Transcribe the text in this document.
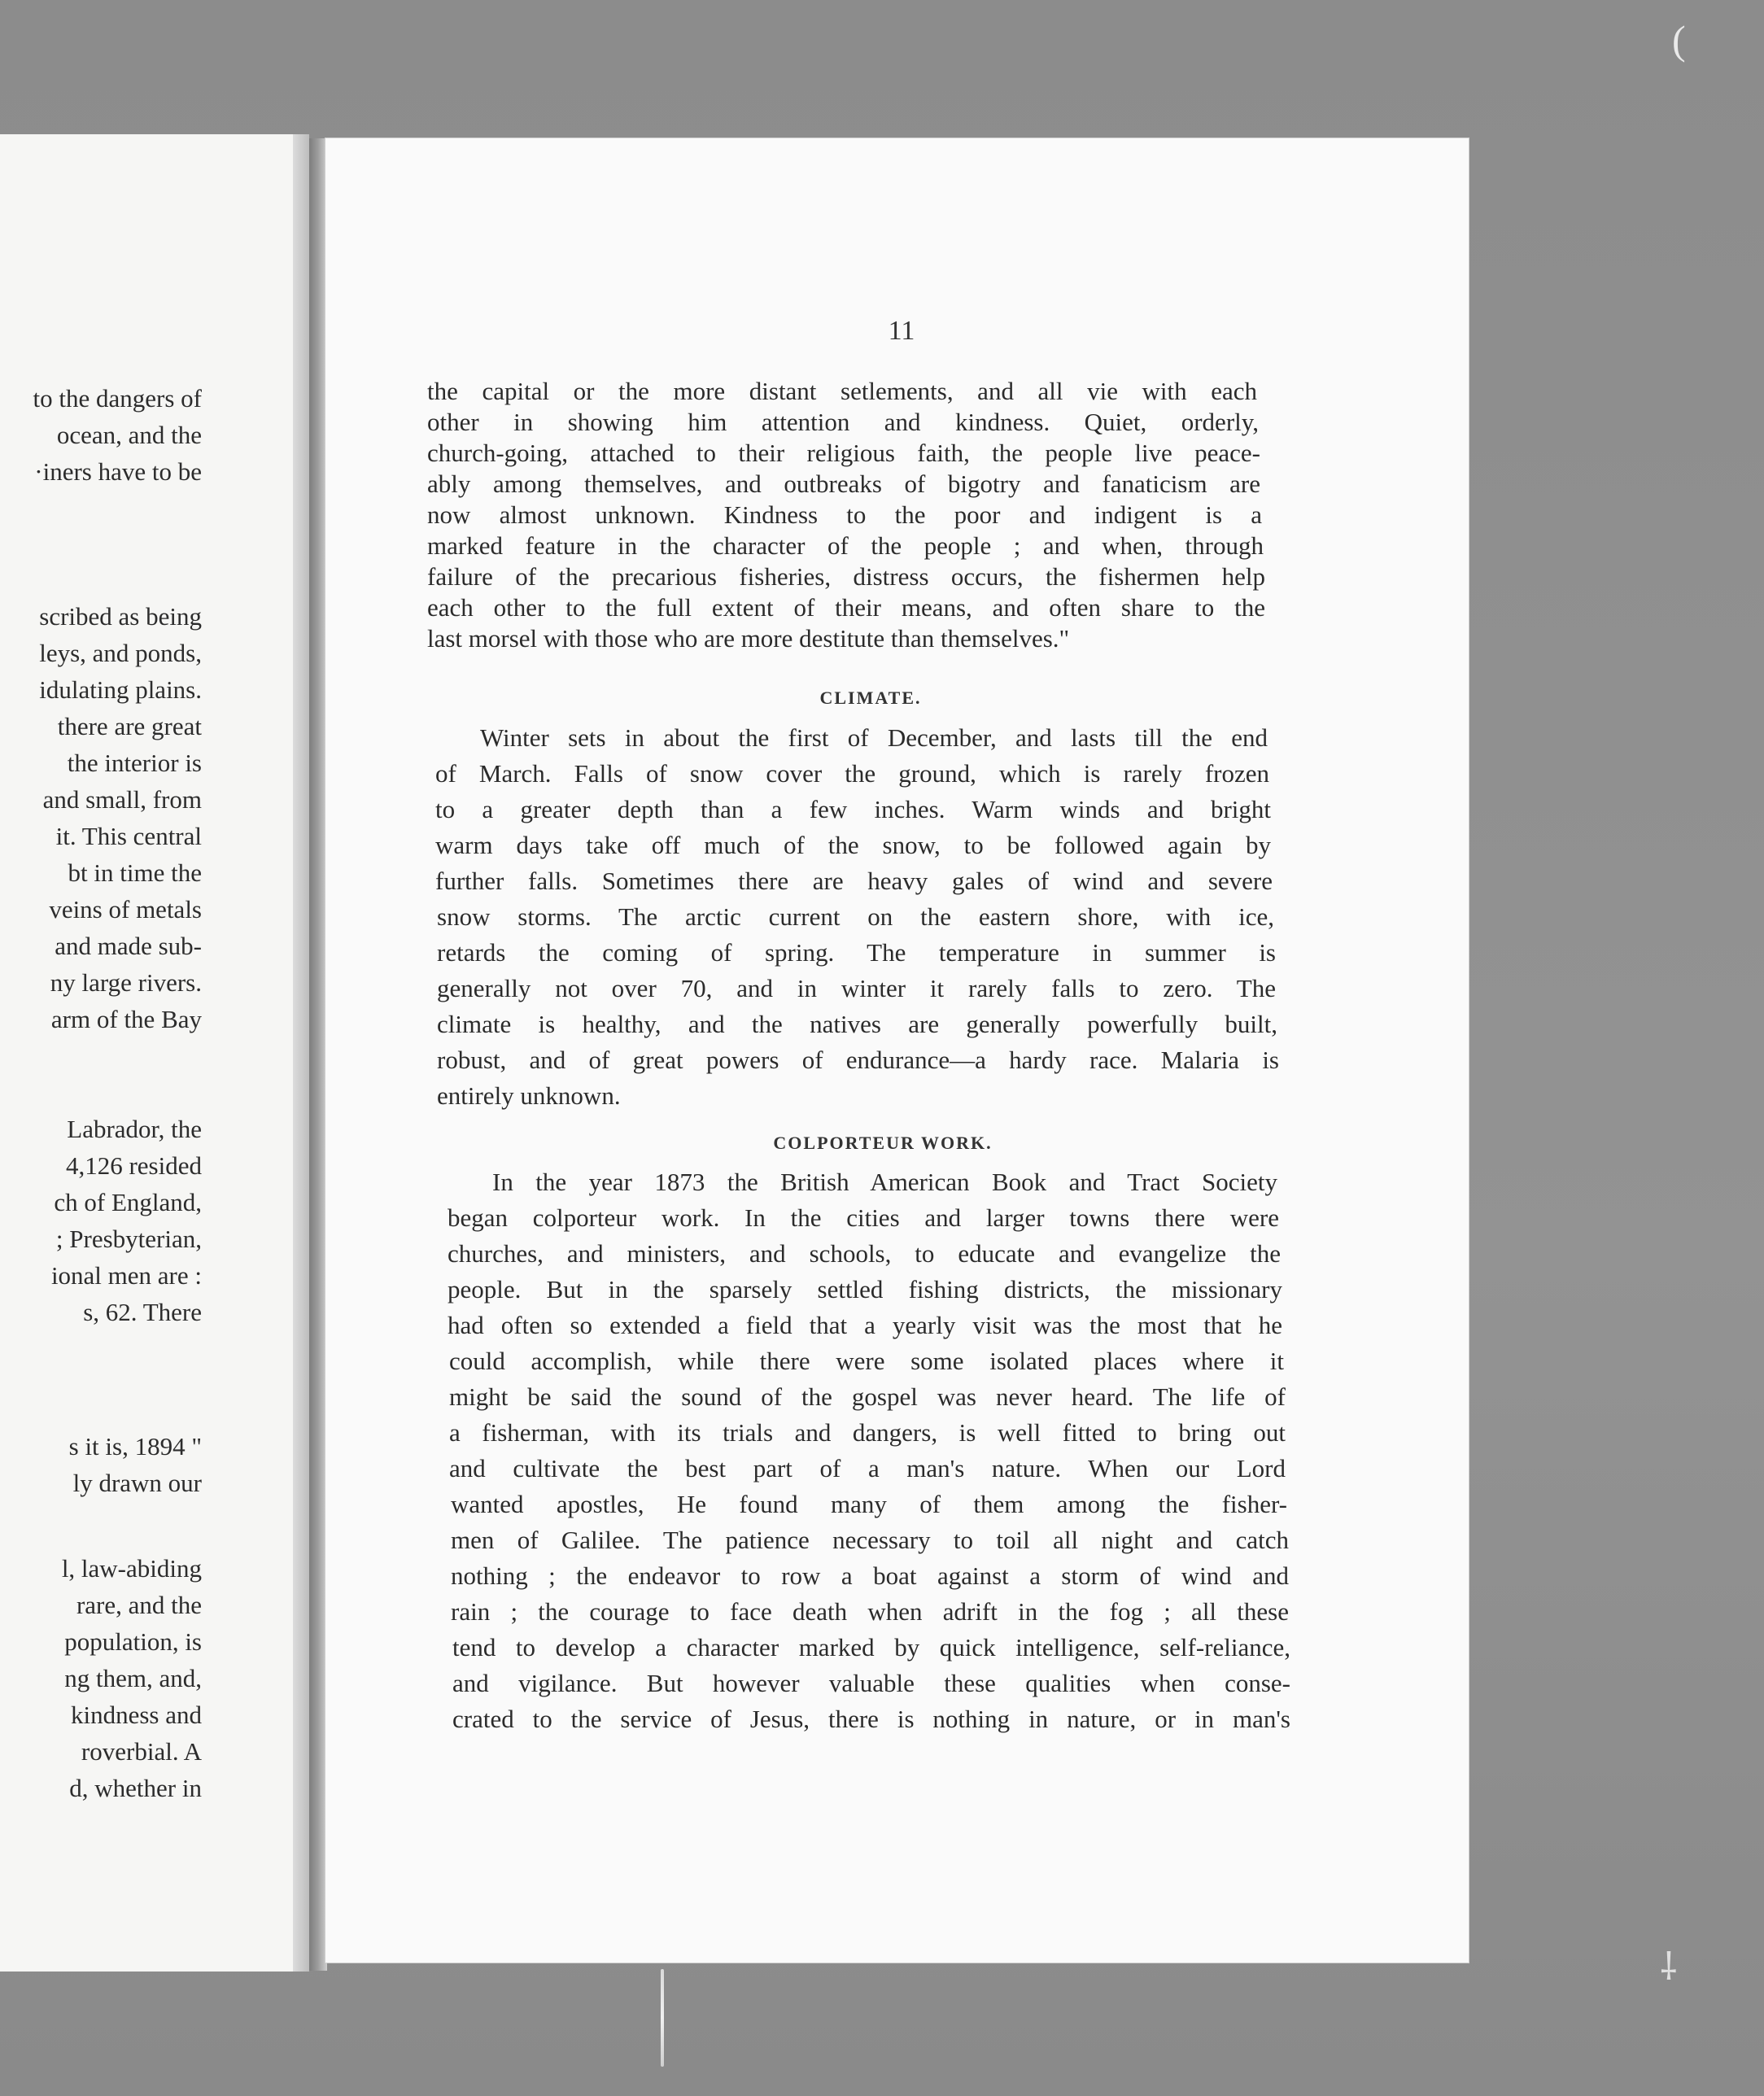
(
⸸
to the dangers of
ocean, and the
·iners have to be
scribed as being
leys, and ponds,
idulating plains.
there are great
the interior is
and small, from
it. This central
bt in time the
veins of metals
and made sub-
ny large rivers.
arm of the Bay
Labrador, the
4,126 resided
ch of England,
; Presbyterian,
ional men are :
s, 62. There
s it is, 1894 "
ly drawn our
l, law-abiding
rare, and the
population, is
ng them, and,
kindness and
roverbial. A
d, whether in
11
the capital or the more distant setlements, and all vie with each
other in showing him attention and kindness. Quiet, orderly,
church-going, attached to their religious faith, the people live peace-
ably among themselves, and outbreaks of bigotry and fanaticism are
now almost unknown. Kindness to the poor and indigent is a
marked feature in the character of the people ; and when, through
failure of the precarious fisheries, distress occurs, the fishermen help
each other to the full extent of their means, and often share to the
last morsel with those who are more destitute than themselves."
CLIMATE.
Winter sets in about the first of December, and lasts till the end
of March. Falls of snow cover the ground, which is rarely frozen
to a greater depth than a few inches. Warm winds and bright
warm days take off much of the snow, to be followed again by
further falls. Sometimes there are heavy gales of wind and severe
snow storms. The arctic current on the eastern shore, with ice,
retards the coming of spring. The temperature in summer is
generally not over 70, and in winter it rarely falls to zero. The
climate is healthy, and the natives are generally powerfully built,
robust, and of great powers of endurance—a hardy race. Malaria is
entirely unknown.
COLPORTEUR WORK.
In the year 1873 the British American Book and Tract Society
began colporteur work. In the cities and larger towns there were
churches, and ministers, and schools, to educate and evangelize the
people. But in the sparsely settled fishing districts, the missionary
had often so extended a field that a yearly visit was the most that he
could accomplish, while there were some isolated places where it
might be said the sound of the gospel was never heard. The life of
a fisherman, with its trials and dangers, is well fitted to bring out
and cultivate the best part of a man's nature. When our Lord
wanted apostles, He found many of them among the fisher-
men of Galilee. The patience necessary to toil all night and catch
nothing ; the endeavor to row a boat against a storm of wind and
rain ; the courage to face death when adrift in the fog ; all these
tend to develop a character marked by quick intelligence, self-reliance,
and vigilance. But however valuable these qualities when conse-
crated to the service of Jesus, there is nothing in nature, or in man's
